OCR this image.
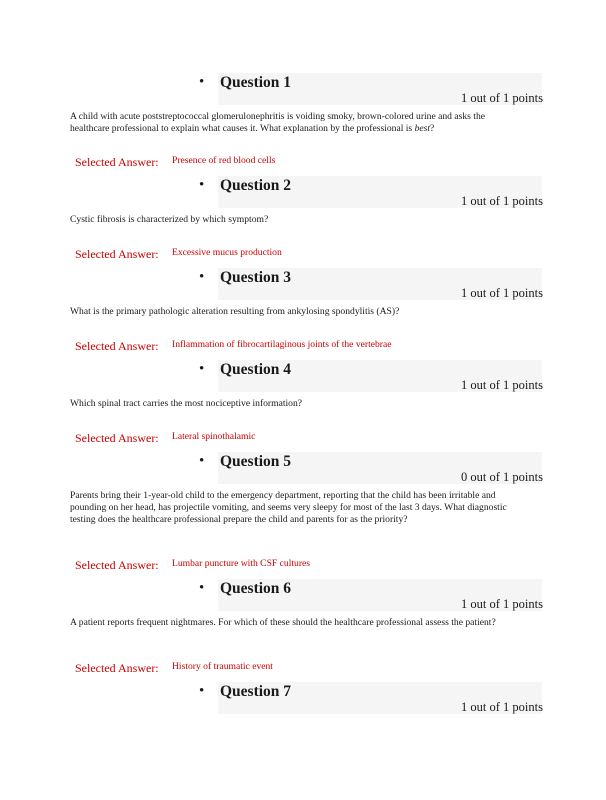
• Question 1
1 out of 1 points
A child with acute poststreptococcal glomerulonephritis is voiding smoky, brown-colored urine and asks the healthcare professional to explain what causes it. What explanation by the professional is best?
Selected Answer: Presence of red blood cells
• Question 2
1 out of 1 points
Cystic fibrosis is characterized by which symptom?
Selected Answer: Excessive mucus production
• Question 3
1 out of 1 points
What is the primary pathologic alteration resulting from ankylosing spondylitis (AS)?
Selected Answer: Inflammation of fibrocartilaginous joints of the vertebrae
• Question 4
1 out of 1 points
Which spinal tract carries the most nociceptive information?
Selected Answer: Lateral spinothalamic
• Question 5
0 out of 1 points
Parents bring their 1-year-old child to the emergency department, reporting that the child has been irritable and pounding on her head, has projectile vomiting, and seems very sleepy for most of the last 3 days. What diagnostic testing does the healthcare professional prepare the child and parents for as the priority?
Selected Answer: Lumbar puncture with CSF cultures
• Question 6
1 out of 1 points
A patient reports frequent nightmares. For which of these should the healthcare professional assess the patient?
Selected Answer: History of traumatic event
• Question 7
1 out of 1 points
